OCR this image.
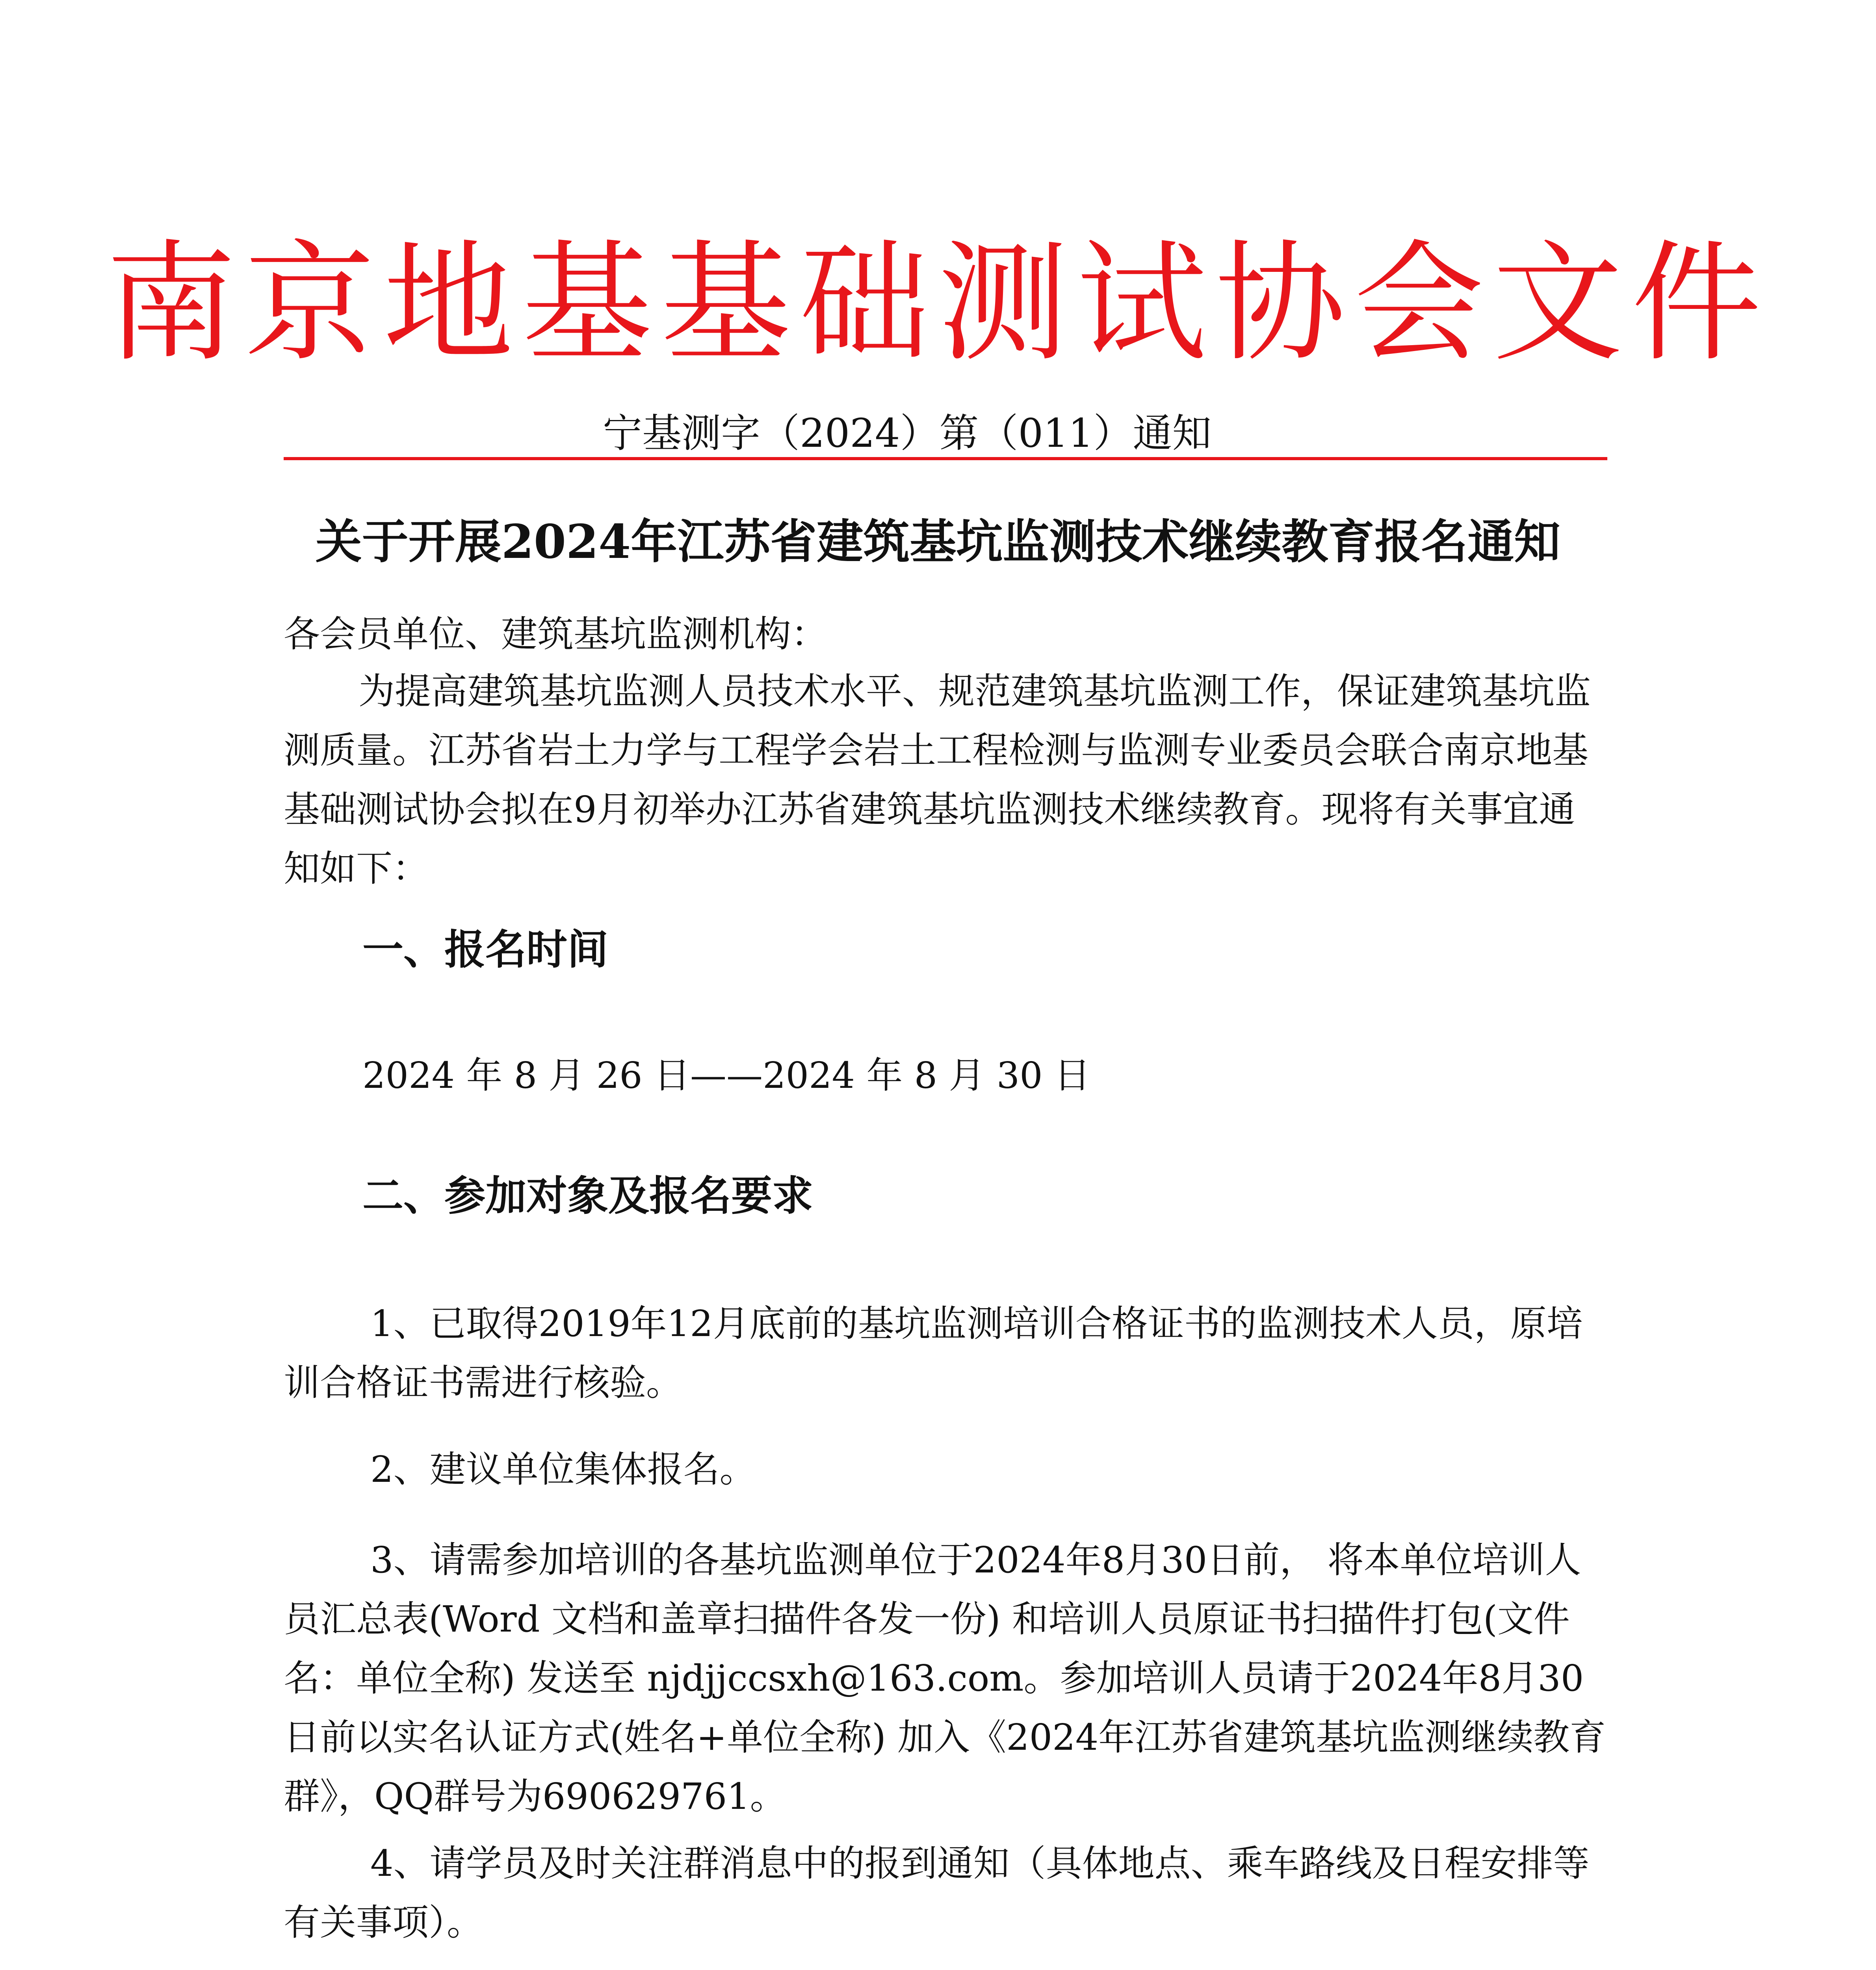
南京地基基础测试协会文件
宁基测字（2024）第（011）通知
关于开展2024年江苏省建筑基坑监测技术继续教育报名通知
各会员单位、建筑基坑监测机构：
为提高建筑基坑监测人员技术水平、规范建筑基坑监测工作，保证建筑基坑监测质量。江苏省岩土力学与工程学会岩土工程检测与监测专业委员会联合南京地基基础测试协会拟在9月初举办江苏省建筑基坑监测技术继续教育。现将有关事宜通知如下：
一、报名时间
2024 年 8 月 26 日——2024 年 8 月 30 日
二、参加对象及报名要求
1、已取得2019年12月底前的基坑监测培训合格证书的监测技术人员，原培训合格证书需进行核验。
2、建议单位集体报名。
3、请需参加培训的各基坑监测单位于2024年8月30日前， 将本单位培训人员汇总表(Word 文档和盖章扫描件各发一份) 和培训人员原证书扫描件打包(文件名：单位全称) 发送至 njdjjccsxh@163.com。参加培训人员请于2024年8月30日前以实名认证方式(姓名+单位全称) 加入《2024年江苏省建筑基坑监测继续教育群》，QQ群号为690629761。
4、请学员及时关注群消息中的报到通知（具体地点、乘车路线及日程安排等有关事项）。
